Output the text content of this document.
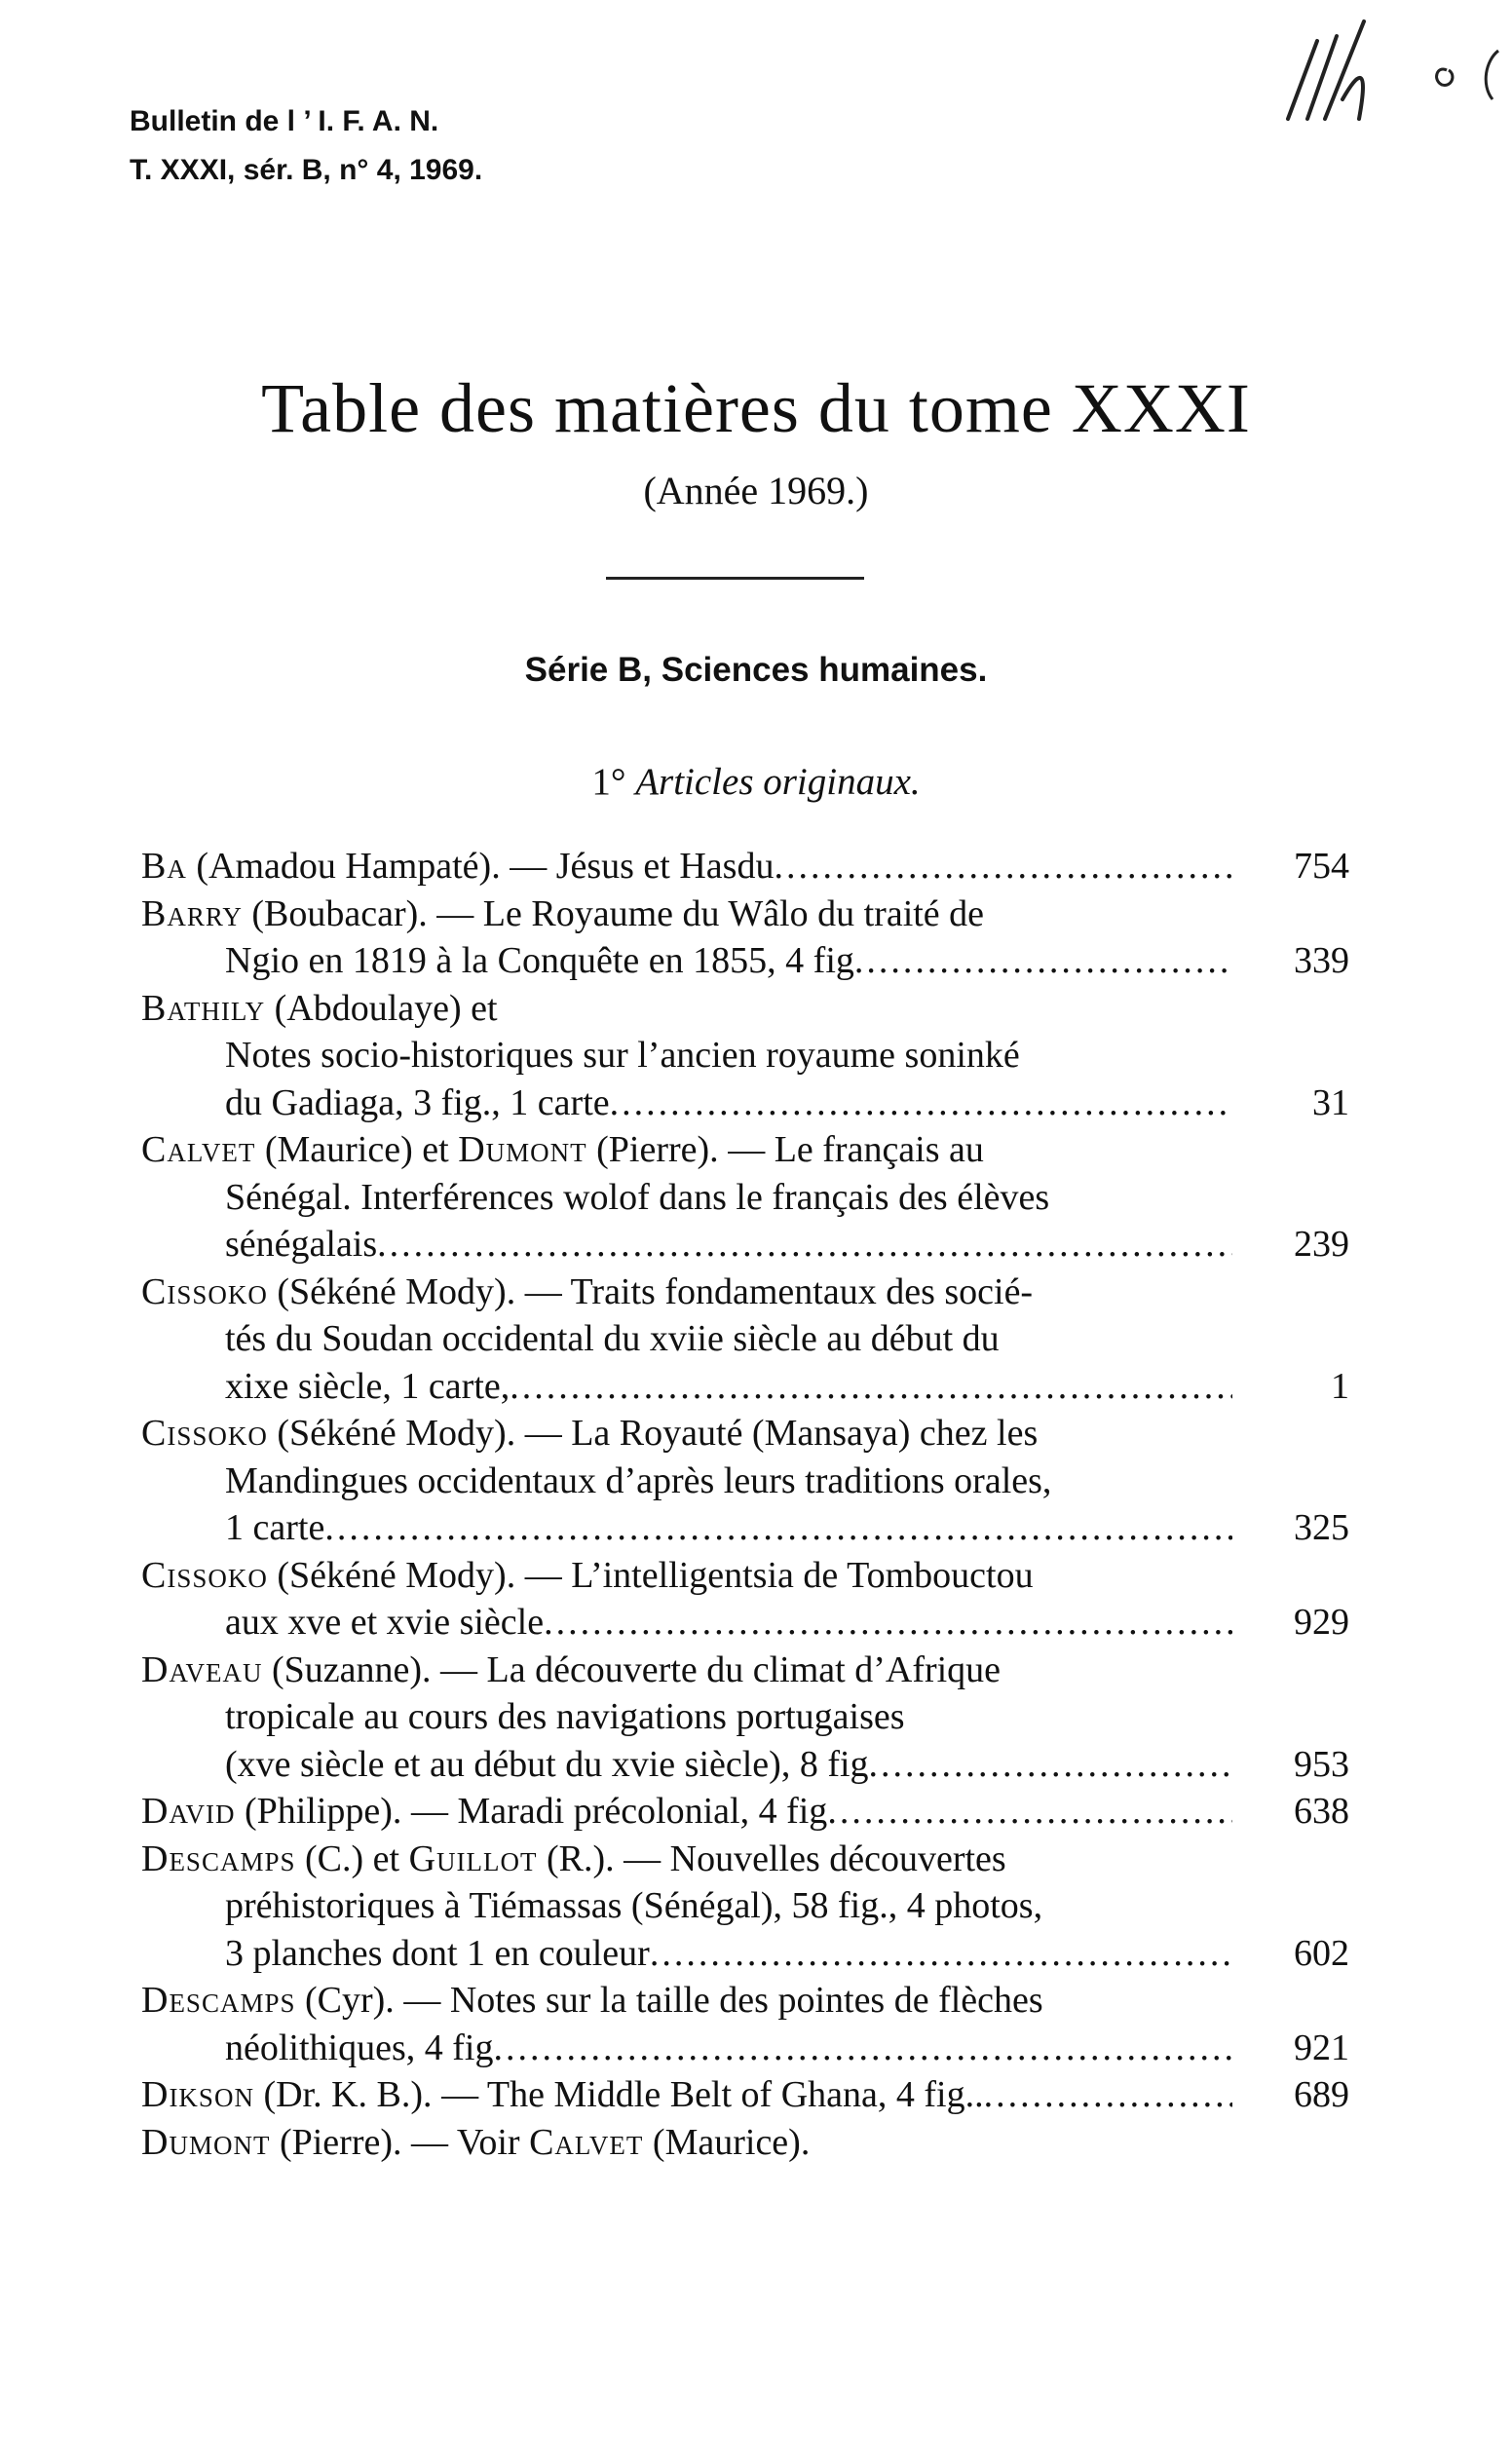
Bulletin de l ’ I. F. A. N.
T. XXXI, sér. B, n° 4, 1969.
Table des matières du tome XXXI
(Année 1969.)
Série B, Sciences humaines.
1° Articles originaux.
Ba (Amadou Hampaté). — Jésus et Hasdu .....	754
Barry (Boubacar). — Le Royaume du Wâlo du traité de
Ngio en 1819 à la Conquête en 1855, 4 fig .....	339
Bathily (Abdoulaye) et
Notes socio-historiques sur l’ancien royaume soninké
du Gadiaga, 3 fig., 1 carte .....	31
Calvet (Maurice) et Dumont (Pierre). — Le français au
Sénégal. Interférences wolof dans le français des élèves
sénégalais .....	239
Cissoko (Sékéné Mody). — Traits fondamentaux des socié-
tés du Soudan occidental du xviie siècle au début du
xixe siècle, 1 carte, .....	1
Cissoko (Sékéné Mody). — La Royauté (Mansaya) chez les
Mandingues occidentaux d’après leurs traditions orales,
1 carte .....	325
Cissoko (Sékéné Mody). — L’intelligentsia de Tombouctou
aux xve et xvie siècle .....	929
Daveau (Suzanne). — La découverte du climat d’Afrique
tropicale au cours des navigations portugaises
(xve siècle et au début du xvie siècle), 8 fig .....	953
David (Philippe). — Maradi précolonial, 4 fig .....	638
Descamps (C.) et Guillot (R.). — Nouvelles découvertes
préhistoriques à Tiémassas (Sénégal), 58 fig., 4 photos,
3 planches dont 1 en couleur .....	602
Descamps (Cyr). — Notes sur la taille des pointes de flèches
néolithiques, 4 fig .....	921
Dikson (Dr. K. B.). — The Middle Belt of Ghana, 4 fig.. .....	689
Dumont (Pierre). — Voir Calvet (Maurice).
